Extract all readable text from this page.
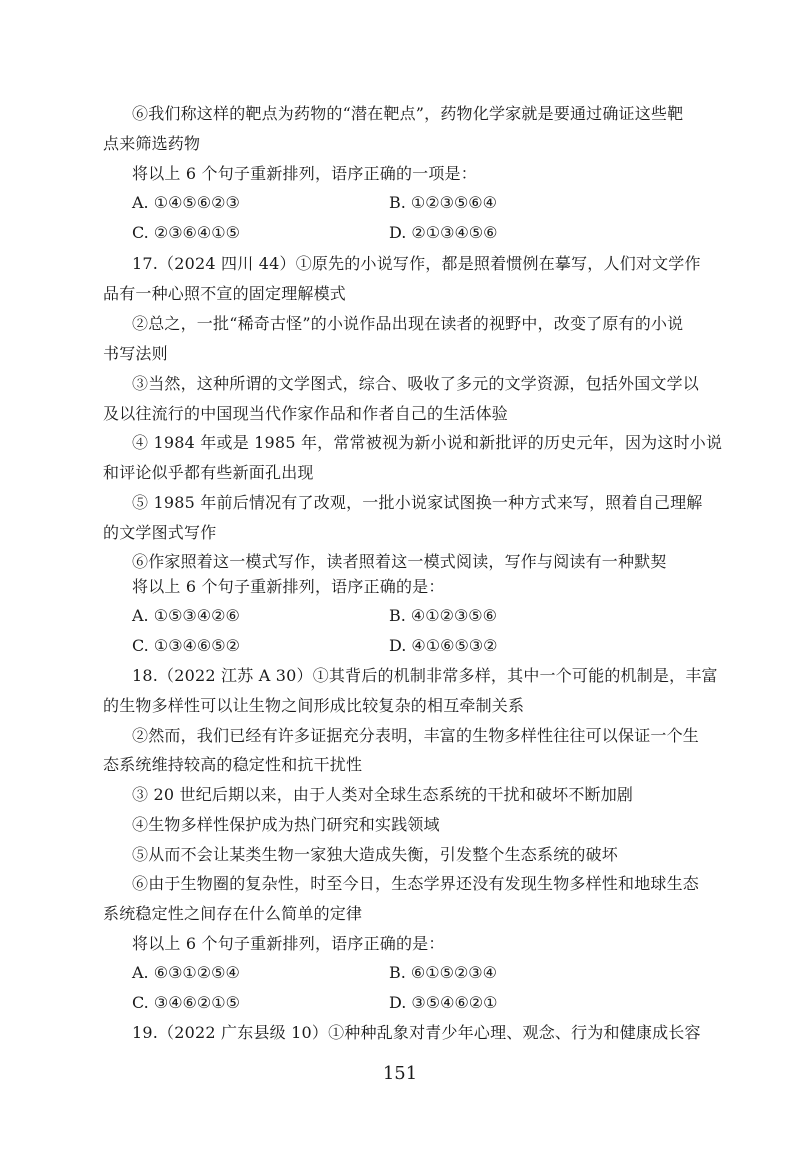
⑥我们称这样的靶点为药物的“潜在靶点”，药物化学家就是要通过确证这些靶
点来筛选药物
将以上 6 个句子重新排列，语序正确的一项是：
A. ①④⑤⑥②③	B. ①②③⑤⑥④
C. ②③⑥④①⑤	D. ②①③④⑤⑥
17.（2024 四川 44）①原先的小说写作，都是照着惯例在摹写，人们对文学作
品有一种心照不宣的固定理解模式
②总之，一批“稀奇古怪”的小说作品出现在读者的视野中，改变了原有的小说
书写法则
③当然，这种所谓的文学图式，综合、吸收了多元的文学资源，包括外国文学以
及以往流行的中国现当代作家作品和作者自己的生活体验
④ 1984 年或是 1985 年，常常被视为新小说和新批评的历史元年，因为这时小说
和评论似乎都有些新面孔出现
⑤ 1985 年前后情况有了改观，一批小说家试图换一种方式来写，照着自己理解
的文学图式写作
⑥作家照着这一模式写作，读者照着这一模式阅读，写作与阅读有一种默契
将以上 6 个句子重新排列，语序正确的是：
A. ①⑤③④②⑥	B. ④①②③⑤⑥
C. ①③④⑥⑤②	D. ④①⑥⑤③②
18.（2022 江苏 A 30）①其背后的机制非常多样，其中一个可能的机制是，丰富
的生物多样性可以让生物之间形成比较复杂的相互牵制关系
②然而，我们已经有许多证据充分表明，丰富的生物多样性往往可以保证一个生
态系统维持较高的稳定性和抗干扰性
③ 20 世纪后期以来，由于人类对全球生态系统的干扰和破坏不断加剧
④生物多样性保护成为热门研究和实践领域
⑤从而不会让某类生物一家独大造成失衡，引发整个生态系统的破坏
⑥由于生物圈的复杂性，时至今日，生态学界还没有发现生物多样性和地球生态
系统稳定性之间存在什么简单的定律
将以上 6 个句子重新排列，语序正确的是：
A. ⑥③①②⑤④	B. ⑥①⑤②③④
C. ③④⑥②①⑤	D. ③⑤④⑥②①
19.（2022 广东县级 10）①种种乱象对青少年心理、观念、行为和健康成长容
151
